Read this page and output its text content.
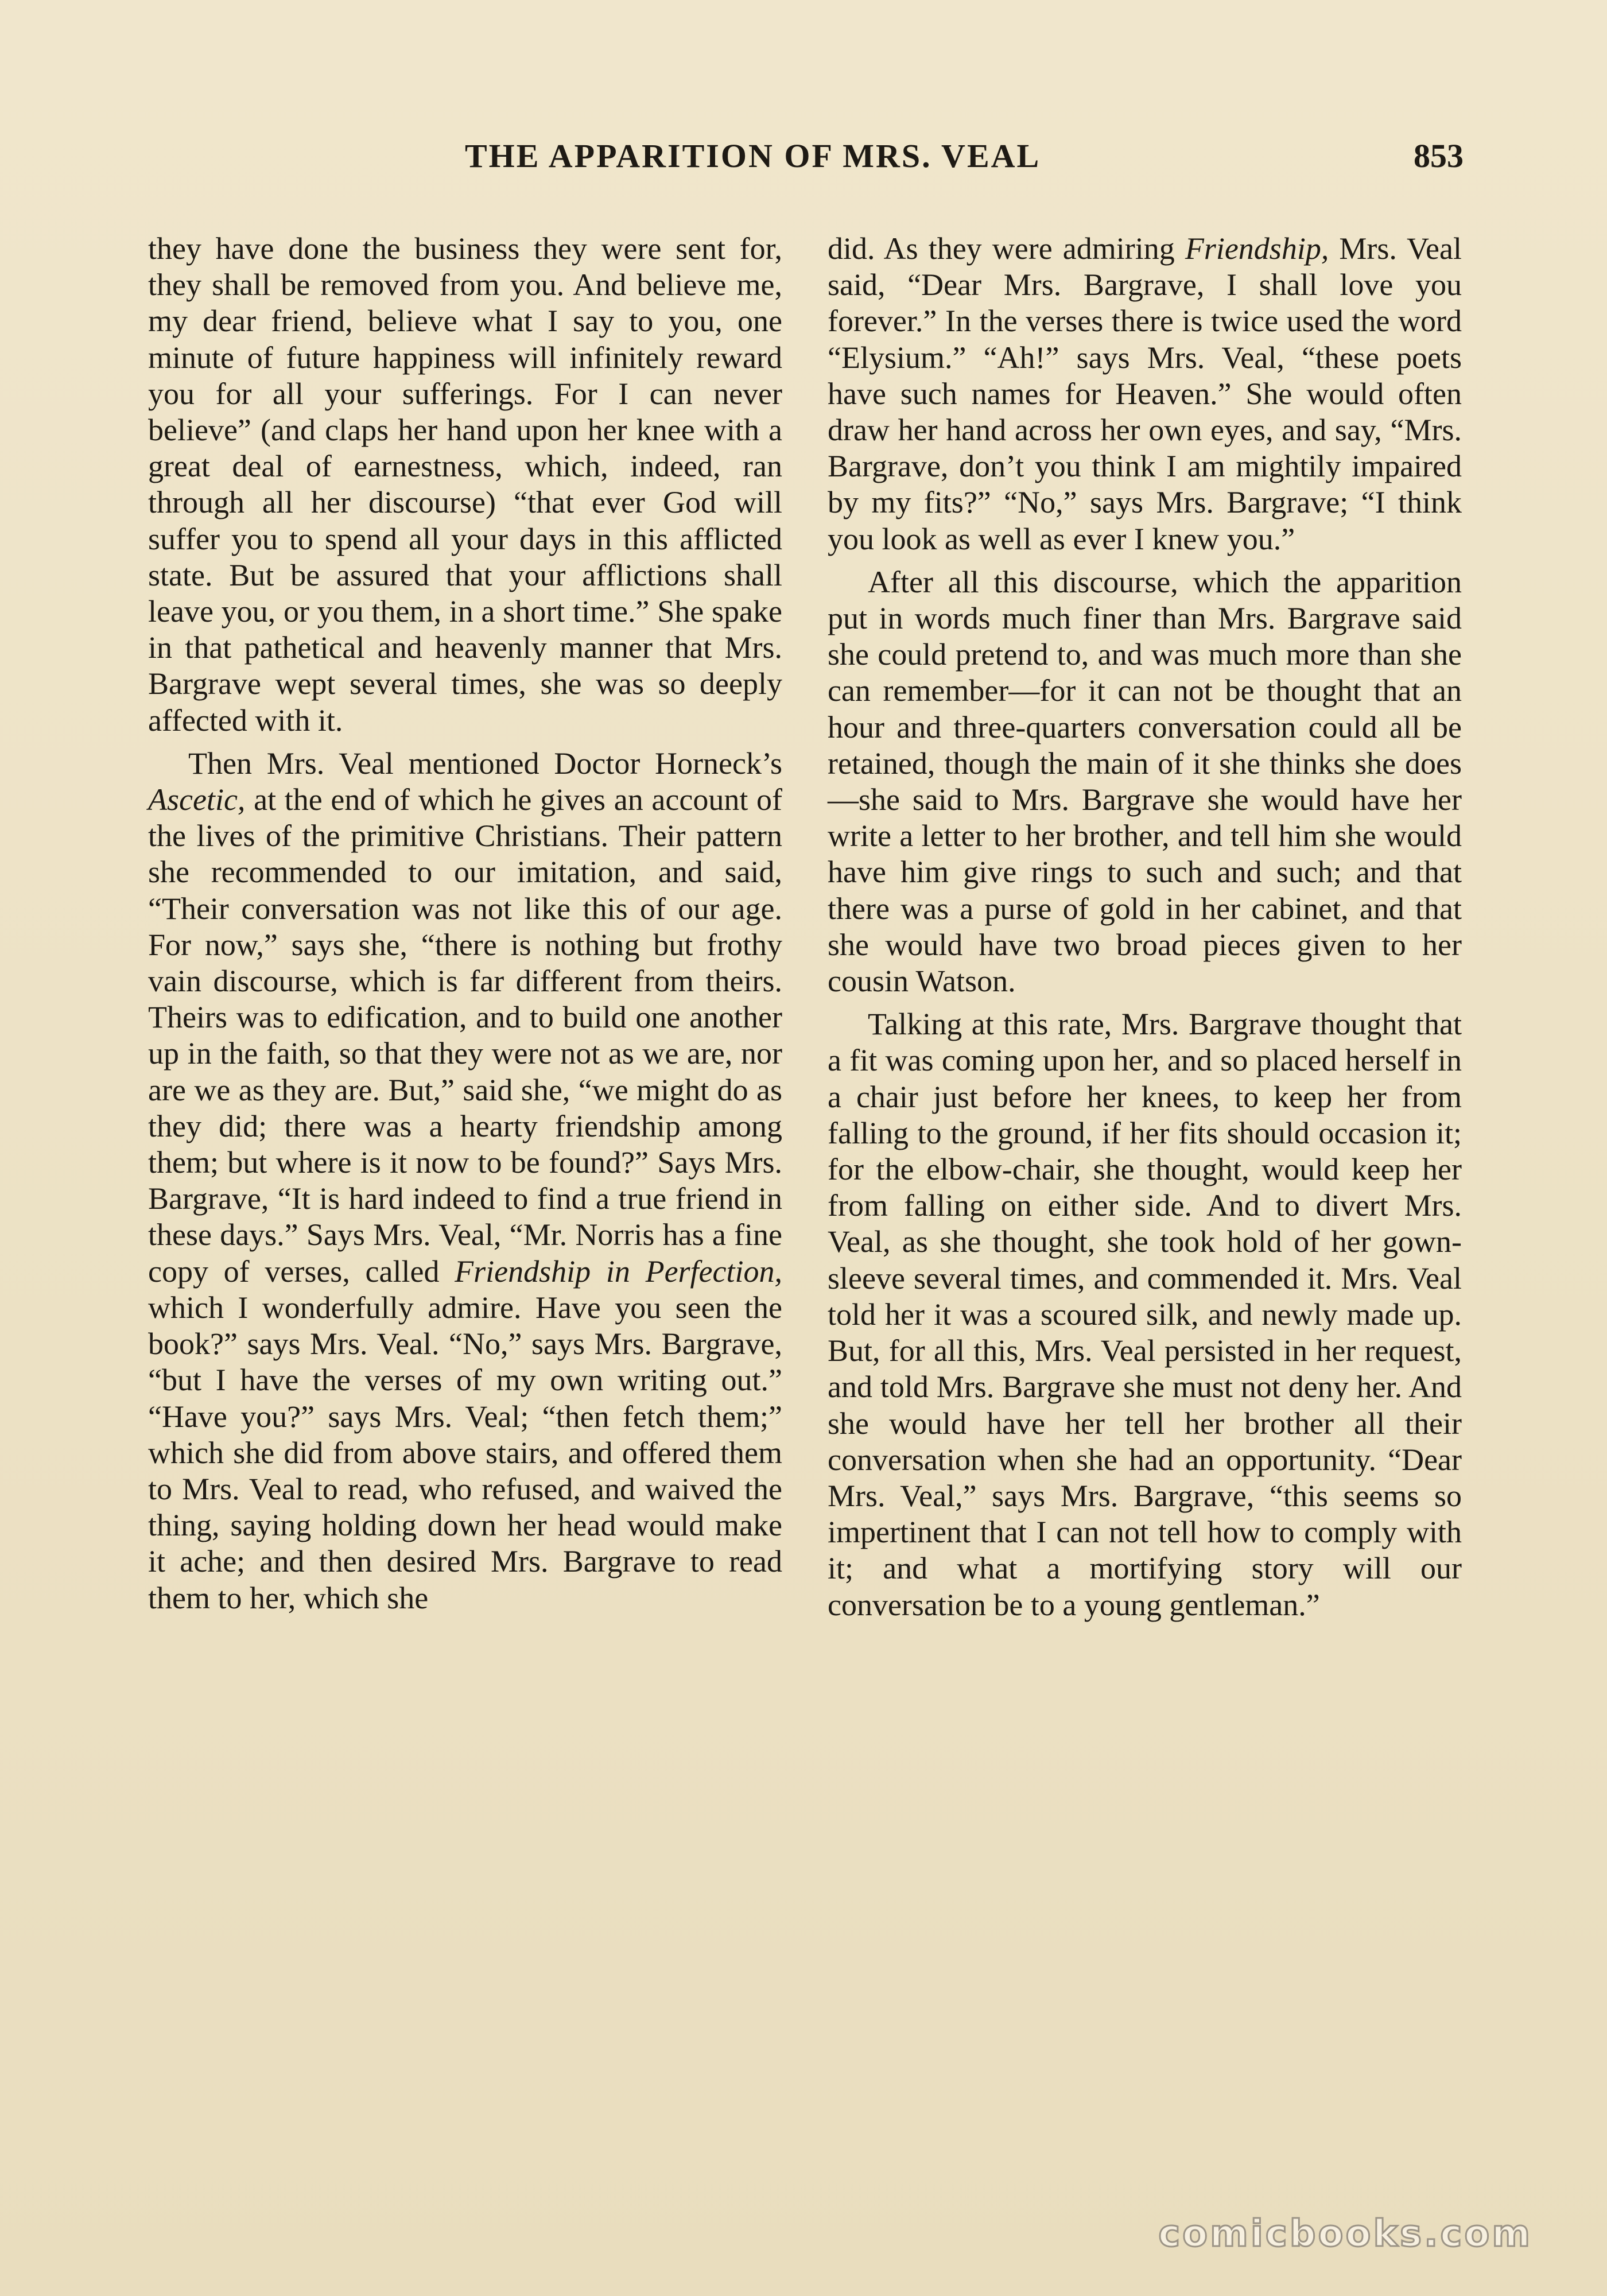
THE APPARITION OF MRS. VEAL	853

they have done the business they were sent for, they shall be removed from you. And believe me, my dear friend, believe what I say to you, one minute of future happiness will infinitely reward you for all your sufferings. For I can never believe” (and claps her hand upon her knee with a great deal of earnestness, which, indeed, ran through all her discourse) “that ever God will suffer you to spend all your days in this afflicted state. But be assured that your afflictions shall leave you, or you them, in a short time.” She spake in that pathetical and heavenly manner that Mrs. Bargrave wept several times, she was so deeply affected with it.

Then Mrs. Veal mentioned Doctor Horneck’s Ascetic, at the end of which he gives an account of the lives of the primitive Christians. Their pattern she recommended to our imitation, and said, “Their conversation was not like this of our age. For now,” says she, “there is nothing but frothy vain discourse, which is far different from theirs. Theirs was to edification, and to build one another up in the faith, so that they were not as we are, nor are we as they are. But,” said she, “we might do as they did; there was a hearty friendship among them; but where is it now to be found?” Says Mrs. Bargrave, “It is hard indeed to find a true friend in these days.” Says Mrs. Veal, “Mr. Norris has a fine copy of verses, called Friendship in Perfection, which I wonderfully admire. Have you seen the book?” says Mrs. Veal. “No,” says Mrs. Bargrave, “but I have the verses of my own writing out.” “Have you?” says Mrs. Veal; “then fetch them;” which she did from above stairs, and offered them to Mrs. Veal to read, who refused, and waived the thing, saying holding down her head would make it ache; and then desired Mrs. Bargrave to read them to her, which she

did. As they were admiring Friendship, Mrs. Veal said, “Dear Mrs. Bargrave, I shall love you forever.” In the verses there is twice used the word “Elysium.” “Ah!” says Mrs. Veal, “these poets have such names for Heaven.” She would often draw her hand across her own eyes, and say, “Mrs. Bargrave, don’t you think I am mightily impaired by my fits?” “No,” says Mrs. Bargrave; “I think you look as well as ever I knew you.”

After all this discourse, which the apparition put in words much finer than Mrs. Bargrave said she could pretend to, and was much more than she can remember—for it can not be thought that an hour and three-quarters conversation could all be retained, though the main of it she thinks she does—she said to Mrs. Bargrave she would have her write a letter to her brother, and tell him she would have him give rings to such and such; and that there was a purse of gold in her cabinet, and that she would have two broad pieces given to her cousin Watson.

Talking at this rate, Mrs. Bargrave thought that a fit was coming upon her, and so placed herself in a chair just before her knees, to keep her from falling to the ground, if her fits should occasion it; for the elbow-chair, she thought, would keep her from falling on either side. And to divert Mrs. Veal, as she thought, she took hold of her gown-sleeve several times, and commended it. Mrs. Veal told her it was a scoured silk, and newly made up. But, for all this, Mrs. Veal persisted in her request, and told Mrs. Bargrave she must not deny her. And she would have her tell her brother all their conversation when she had an opportunity. “Dear Mrs. Veal,” says Mrs. Bargrave, “this seems so impertinent that I can not tell how to comply with it; and what a mortifying story will our conversation be to a young gentleman.”

comicbooks.com
